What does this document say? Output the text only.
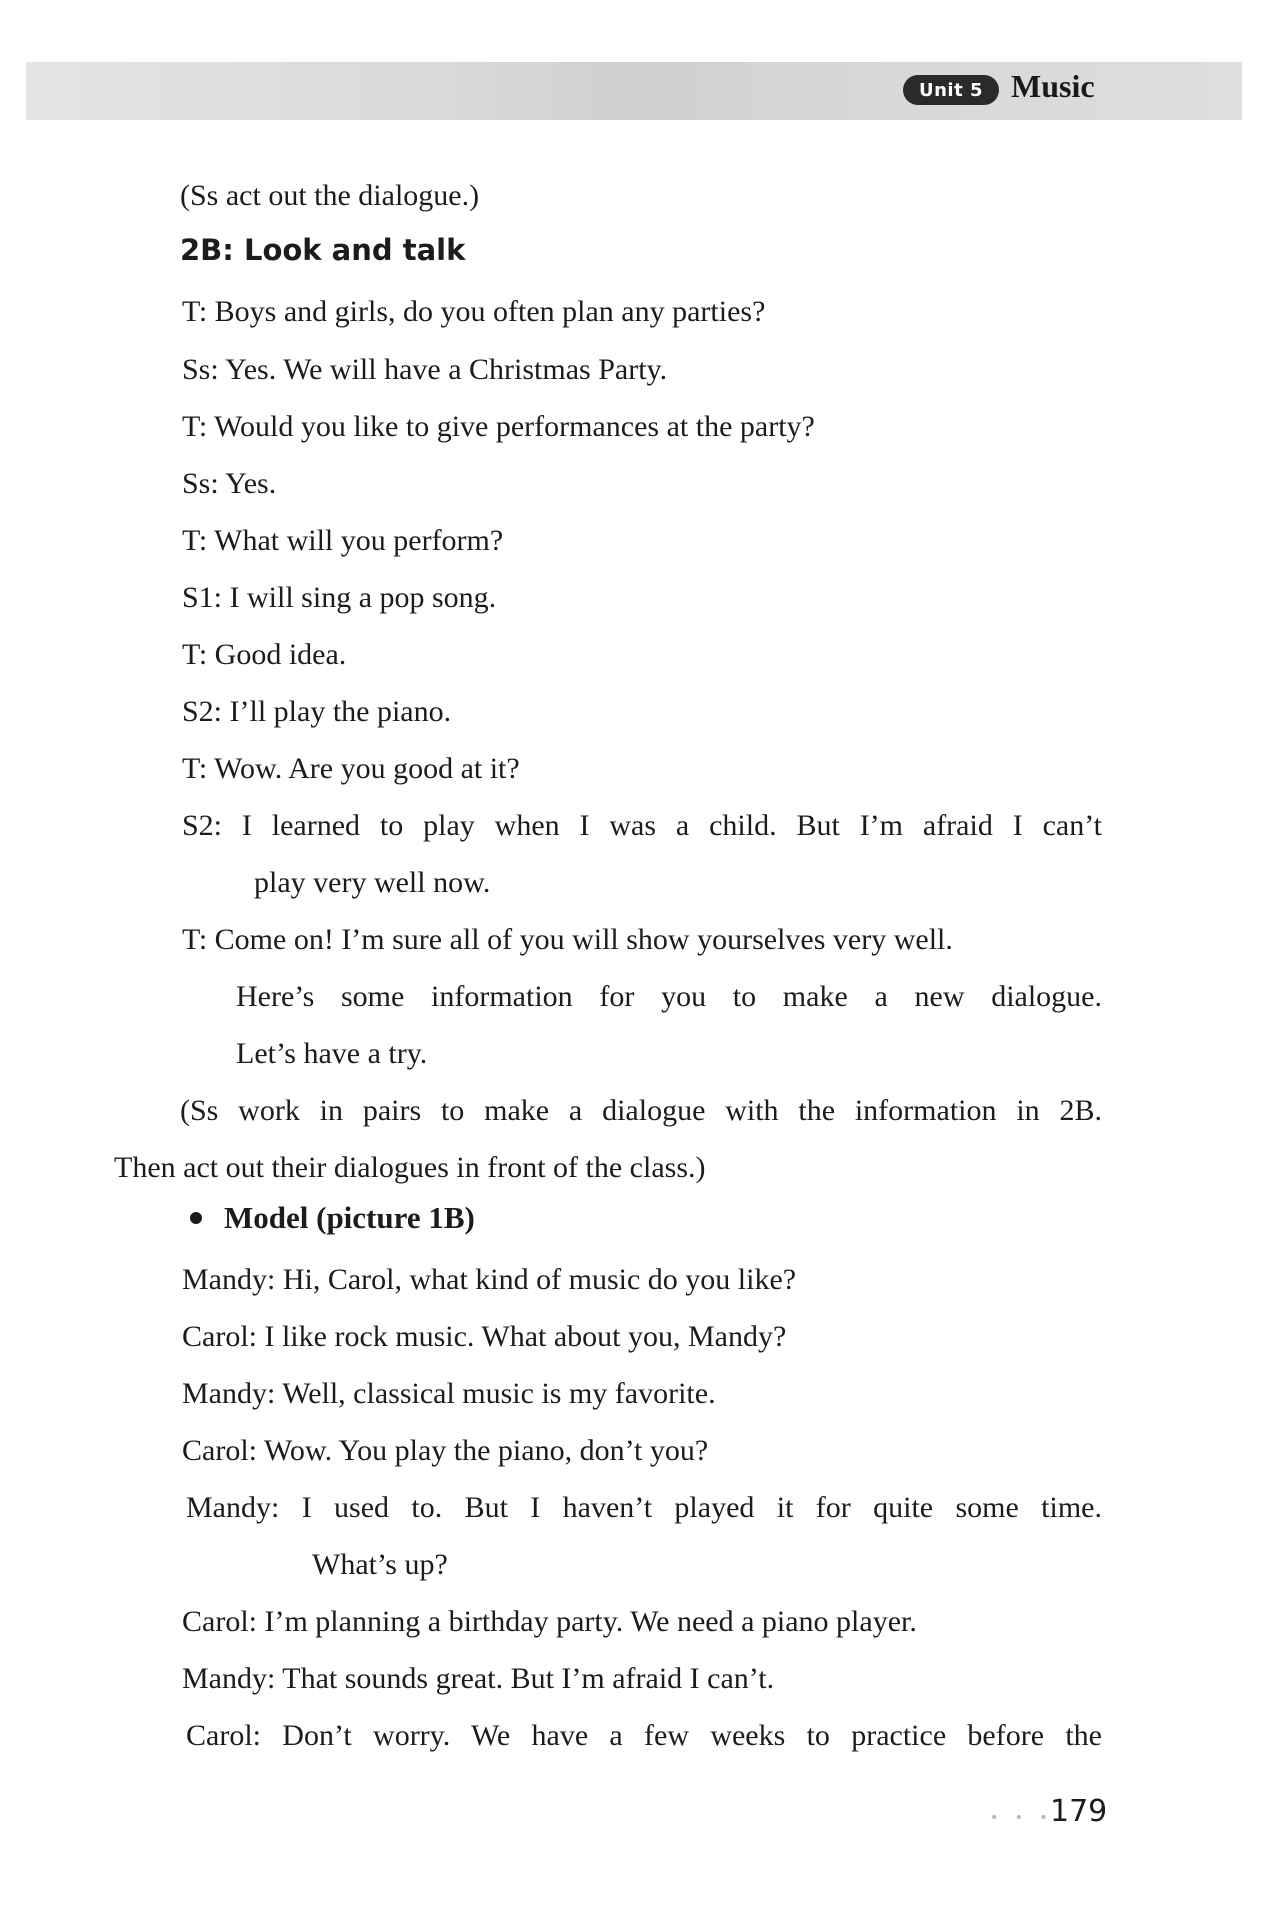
Unit 5 Music
(Ss act out the dialogue.)
2B: Look and talk
T: Boys and girls, do you often plan any parties?
Ss: Yes. We will have a Christmas Party.
T: Would you like to give performances at the party?
Ss: Yes.
T: What will you perform?
S1: I will sing a pop song.
T: Good idea.
S2: I’ll play the piano.
T: Wow. Are you good at it?
S2: I learned to play when I was a child. But I’m afraid I can’t
play very well now.
T: Come on! I’m sure all of you will show yourselves very well.
Here’s some information for you to make a new dialogue.
Let’s have a try.
(Ss work in pairs to make a dialogue with the information in 2B.
Then act out their dialogues in front of the class.)
Model (picture 1B)
Mandy: Hi, Carol, what kind of music do you like?
Carol: I like rock music. What about you, Mandy?
Mandy: Well, classical music is my favorite.
Carol: Wow. You play the piano, don’t you?
Mandy: I used to. But I haven’t played it for quite some time.
What’s up?
Carol: I’m planning a birthday party. We need a piano player.
Mandy: That sounds great. But I’m afraid I can’t.
Carol: Don’t worry. We have a few weeks to practice before the
• • •
179
